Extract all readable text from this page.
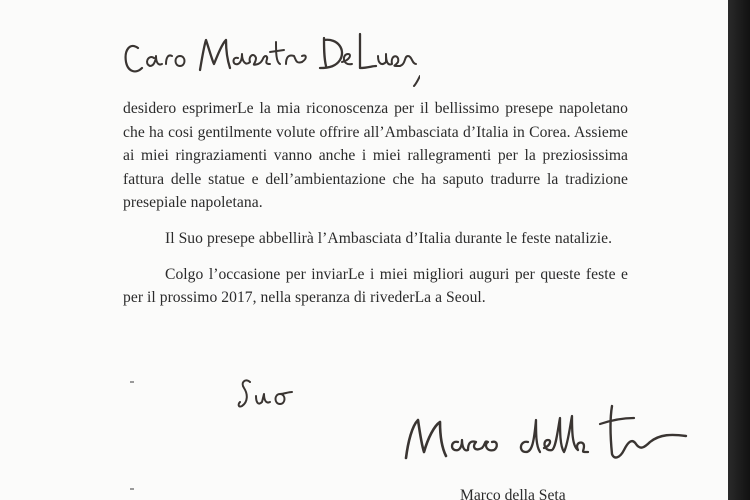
desidero esprimerLe la mia riconoscenza per il bellissimo presepe napoletano che ha cosi gentilmente volute offrire all’Ambasciata d’Italia in Corea. Assieme ai miei ringraziamenti vanno anche i miei rallegramenti per la preziosissima fattura delle statue e dell’ambientazione che ha saputo tradurre la tradizione presepiale napoletana.

Il Suo presepe abbellirà l’Ambasciata d’Italia durante le feste natalizie.

Colgo l’occasione per inviarLe i miei migliori auguri per queste feste e per il prossimo 2017, nella speranza di rivederLa a Seoul.

Marco della Seta
